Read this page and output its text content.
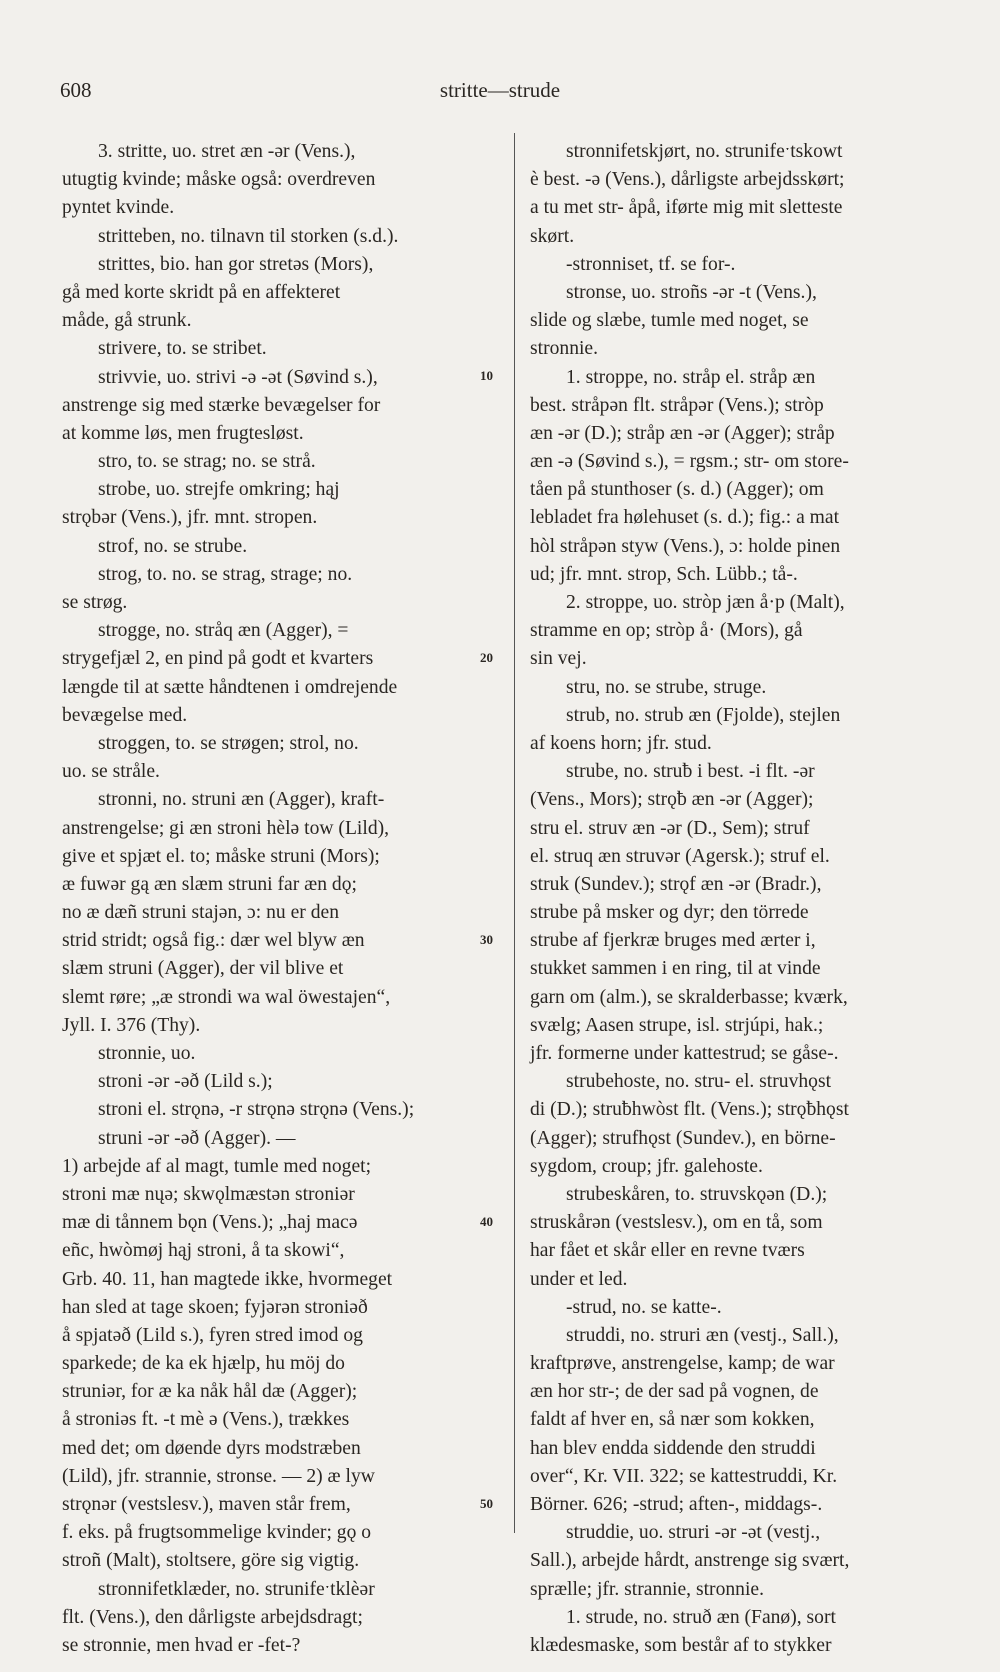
608	stritte—strude
3. stritte, uo. stret æn -ər (Vens.),
utugtig kvinde; måske også: overdreven
pyntet kvinde.
stritteben, no. tilnavn til storken (s.d.).
strittes, bio. han gor stretəs (Mors),
gå med korte skridt på en affekteret
måde, gå strunk.
strivere, to. se stribet.
strivvie, uo. strivi -ə -ət (Søvind s.),
anstrenge sig med stærke bevægelser for
at komme løs, men frugtesløst.
stro, to. se strag; no. se strå.
strobe, uo. strejfe omkring; hąj
strǫbər (Vens.), jfr. mnt. stropen.
strof, no. se strube.
strog, to. no. se strag, strage; no.
se strøg.
strogge, no. stråq æn (Agger), =
strygefjæl 2, en pind på godt et kvarters
længde til at sætte håndtenen i omdrejende
bevægelse med.
stroggen, to. se strøgen; strol, no.
uo. se stråle.
stronni, no. struni æn (Agger), kraft-
anstrengelse; gi æn stroni hèlə tow (Lild),
give et spjæt el. to; måske struni (Mors);
æ fuwər gą æn slæm struni far æn dǫ;
no æ dæñ struni stajən, ɔ: nu er den
strid stridt; også fig.: dær wel blyw æn
slæm struni (Agger), der vil blive et
slemt røre; „æ strondi wa wal öwestajen“,
Jyll. I. 376 (Thy).
stronnie, uo.
stroni -ər -əð (Lild s.);
stroni el. strǫnə, -r strǫnə strǫnə (Vens.);
struni -ər -əð (Agger). —
1) arbejde af al magt, tumle med noget;
stroni mæ nųə; skwǫlmæstən stroniər
mæ di tånnem bǫn (Vens.); „haj macə
eñc, hwòmøj hąj stroni, å ta skowi“,
Grb. 40. 11, han magtede ikke, hvormeget
han sled at tage skoen; fyjərən stroniəð
å spjatəð (Lild s.), fyren stred imod og
sparkede; de ka ek hjælp, hu möj do
struniər, for æ ka nåk hål dæ (Agger);
å stroniəs ft. -t mè ə (Vens.), trækkes
med det; om døende dyrs modstræben
(Lild), jfr. strannie, stronse. — 2) æ lyw
strǫnər (vestslesv.), maven står frem,
f. eks. på frugtsommelige kvinder; gǫ o
stroñ (Malt), stoltsere, göre sig vigtig.
stronnifetklæder, no. strunifeˑtklèər
flt. (Vens.), den dårligste arbejdsdragt;
se stronnie, men hvad er -fet-?
stronnifetskjørt, no. strunifeˑtskowt
è best. -ə (Vens.), dårligste arbejdsskørt;
a tu met str- åpå, iførte mig mit sletteste
skørt.
-stronniset, tf. se for-.
stronse, uo. stroñs -ər -t (Vens.),
slide og slæbe, tumle med noget, se
stronnie.
1. stroppe, no. stråp el. stråp æn
best. stråpən flt. stråpər (Vens.); stròp
æn -ər (D.); stråp æn -ər (Agger); stråp
æn -ə (Søvind s.), = rgsm.; str- om store-
tåen på stunthoser (s. d.) (Agger); om
lebladet fra hølehuset (s. d.); fig.: a mat
hòl stråpən styw (Vens.), ɔ: holde pinen
ud; jfr. mnt. strop, Sch. Lübb.; tå-.
2. stroppe, uo. stròp jæn å·p (Malt),
stramme en op; stròp å· (Mors), gå
sin vej.
stru, no. se strube, struge.
strub, no. strub æn (Fjolde), stejlen
af koens horn; jfr. stud.
strube, no. struƀ i best. -i flt. -ər
(Vens., Mors); strǫƀ æn -ər (Agger);
stru el. struv æn -ər (D., Sem); struf
el. struq æn struvər (Agersk.); struf el.
struk (Sundev.); strǫf æn -ər (Bradr.),
strube på msker og dyr; den törrede
strube af fjerkræ bruges med ærter i,
stukket sammen i en ring, til at vinde
garn om (alm.), se skralderbasse; kværk,
svælg; Aasen strupe, isl. strjúpi, hak.;
jfr. formerne under kattestrud; se gåse-.
strubehoste, no. stru- el. struvhǫst
di (D.); struƀhwòst flt. (Vens.); strǫƀhǫst
(Agger); strufhǫst (Sundev.), en börne-
sygdom, croup; jfr. galehoste.
strubeskåren, to. struvskǫən (D.);
struskårən (vestslesv.), om en tå, som
har fået et skår eller en revne tværs
under et led.
-strud, no. se katte-.
struddi, no. struri æn (vestj., Sall.),
kraftprøve, anstrengelse, kamp; de war
æn hor str-; de der sad på vognen, de
faldt af hver en, så nær som kokken,
han blev endda siddende den struddi
over“, Kr. VII. 322; se kattestruddi, Kr.
Börner. 626; -strud; aften-, middags-.
struddie, uo. struri -ər -ət (vestj.,
Sall.), arbejde hårdt, anstrenge sig svært,
sprælle; jfr. strannie, stronnie.
1. strude, no. struð æn (Fanø), sort
klædesmaske, som består af to stykker
10
20
30
40
50
